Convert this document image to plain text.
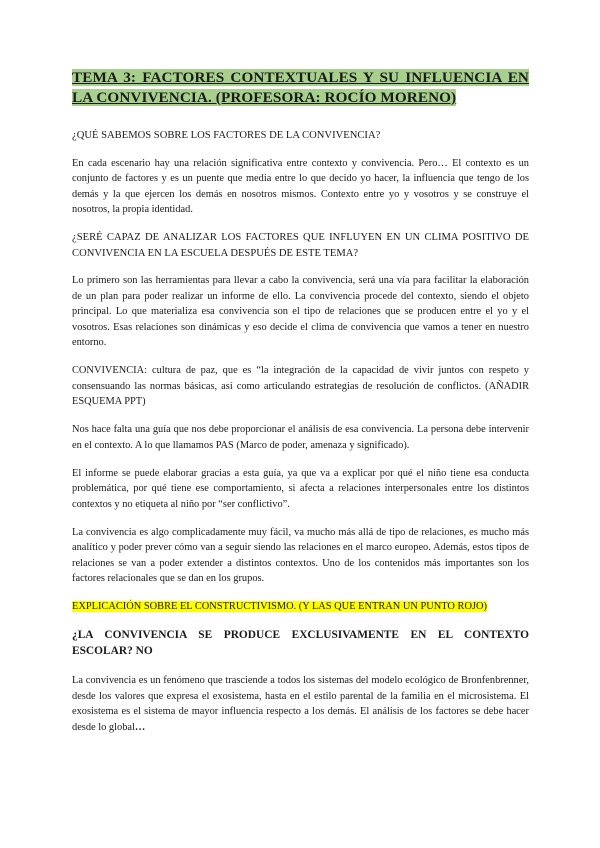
TEMA 3: FACTORES CONTEXTUALES Y SU INFLUENCIA EN LA CONVIVENCIA. (PROFESORA: ROCÍO MORENO)

¿QUÉ SABEMOS SOBRE LOS FACTORES DE LA CONVIVENCIA?

En cada escenario hay una relación significativa entre contexto y convivencia. Pero… El contexto es un conjunto de factores y es un puente que media entre lo que decido yo hacer, la influencia que tengo de los demás y la que ejercen los demás en nosotros mismos. Contexto entre yo y vosotros y se construye el nosotros, la propia identidad.

¿SERÉ CAPAZ DE ANALIZAR LOS FACTORES QUE INFLUYEN EN UN CLIMA POSITIVO DE CONVIVENCIA EN LA ESCUELA DESPUÉS DE ESTE TEMA?

Lo primero son las herramientas para llevar a cabo la convivencia, será una vía para facilitar la elaboración de un plan para poder realizar un informe de ello. La convivencia procede del contexto, siendo el objeto principal. Lo que materializa esa convivencia son el tipo de relaciones que se producen entre el yo y el vosotros. Esas relaciones son dinámicas y eso decide el clima de convivencia que vamos a tener en nuestro entorno.

CONVIVENCIA: cultura de paz, que es “la integración de la capacidad de vivir juntos con respeto y consensuando las normas básicas, así como articulando estrategias de resolución de conflictos. (AÑADIR ESQUEMA PPT)

Nos hace falta una guía que nos debe proporcionar el análisis de esa convivencia. La persona debe intervenir en el contexto. A lo que llamamos PAS (Marco de poder, amenaza y significado).

El informe se puede elaborar gracias a esta guía, ya que va a explicar por qué el niño tiene esa conducta problemática, por qué tiene ese comportamiento, si afecta a relaciones interpersonales entre los distintos contextos y no etiqueta al niño por “ser conflictivo”.

La convivencia es algo complicadamente muy fácil, va mucho más allá de tipo de relaciones, es mucho más analítico y poder prever cómo van a seguir siendo las relaciones en el marco europeo. Además, estos tipos de relaciones se van a poder extender a distintos contextos. Uno de los contenidos más importantes son los factores relacionales que se dan en los grupos.

EXPLICACIÓN SOBRE EL CONSTRUCTIVISMO. (Y LAS QUE ENTRAN UN PUNTO ROJO)

¿LA CONVIVENCIA SE PRODUCE EXCLUSIVAMENTE EN EL CONTEXTO ESCOLAR? NO

La convivencia es un fenómeno que trasciende a todos los sistemas del modelo ecológico de Bronfenbrenner, desde los valores que expresa el exosistema, hasta en el estilo parental de la familia en el microsistema. El exosistema es el sistema de mayor influencia respecto a los demás. El análisis de los factores se debe hacer desde lo global…
